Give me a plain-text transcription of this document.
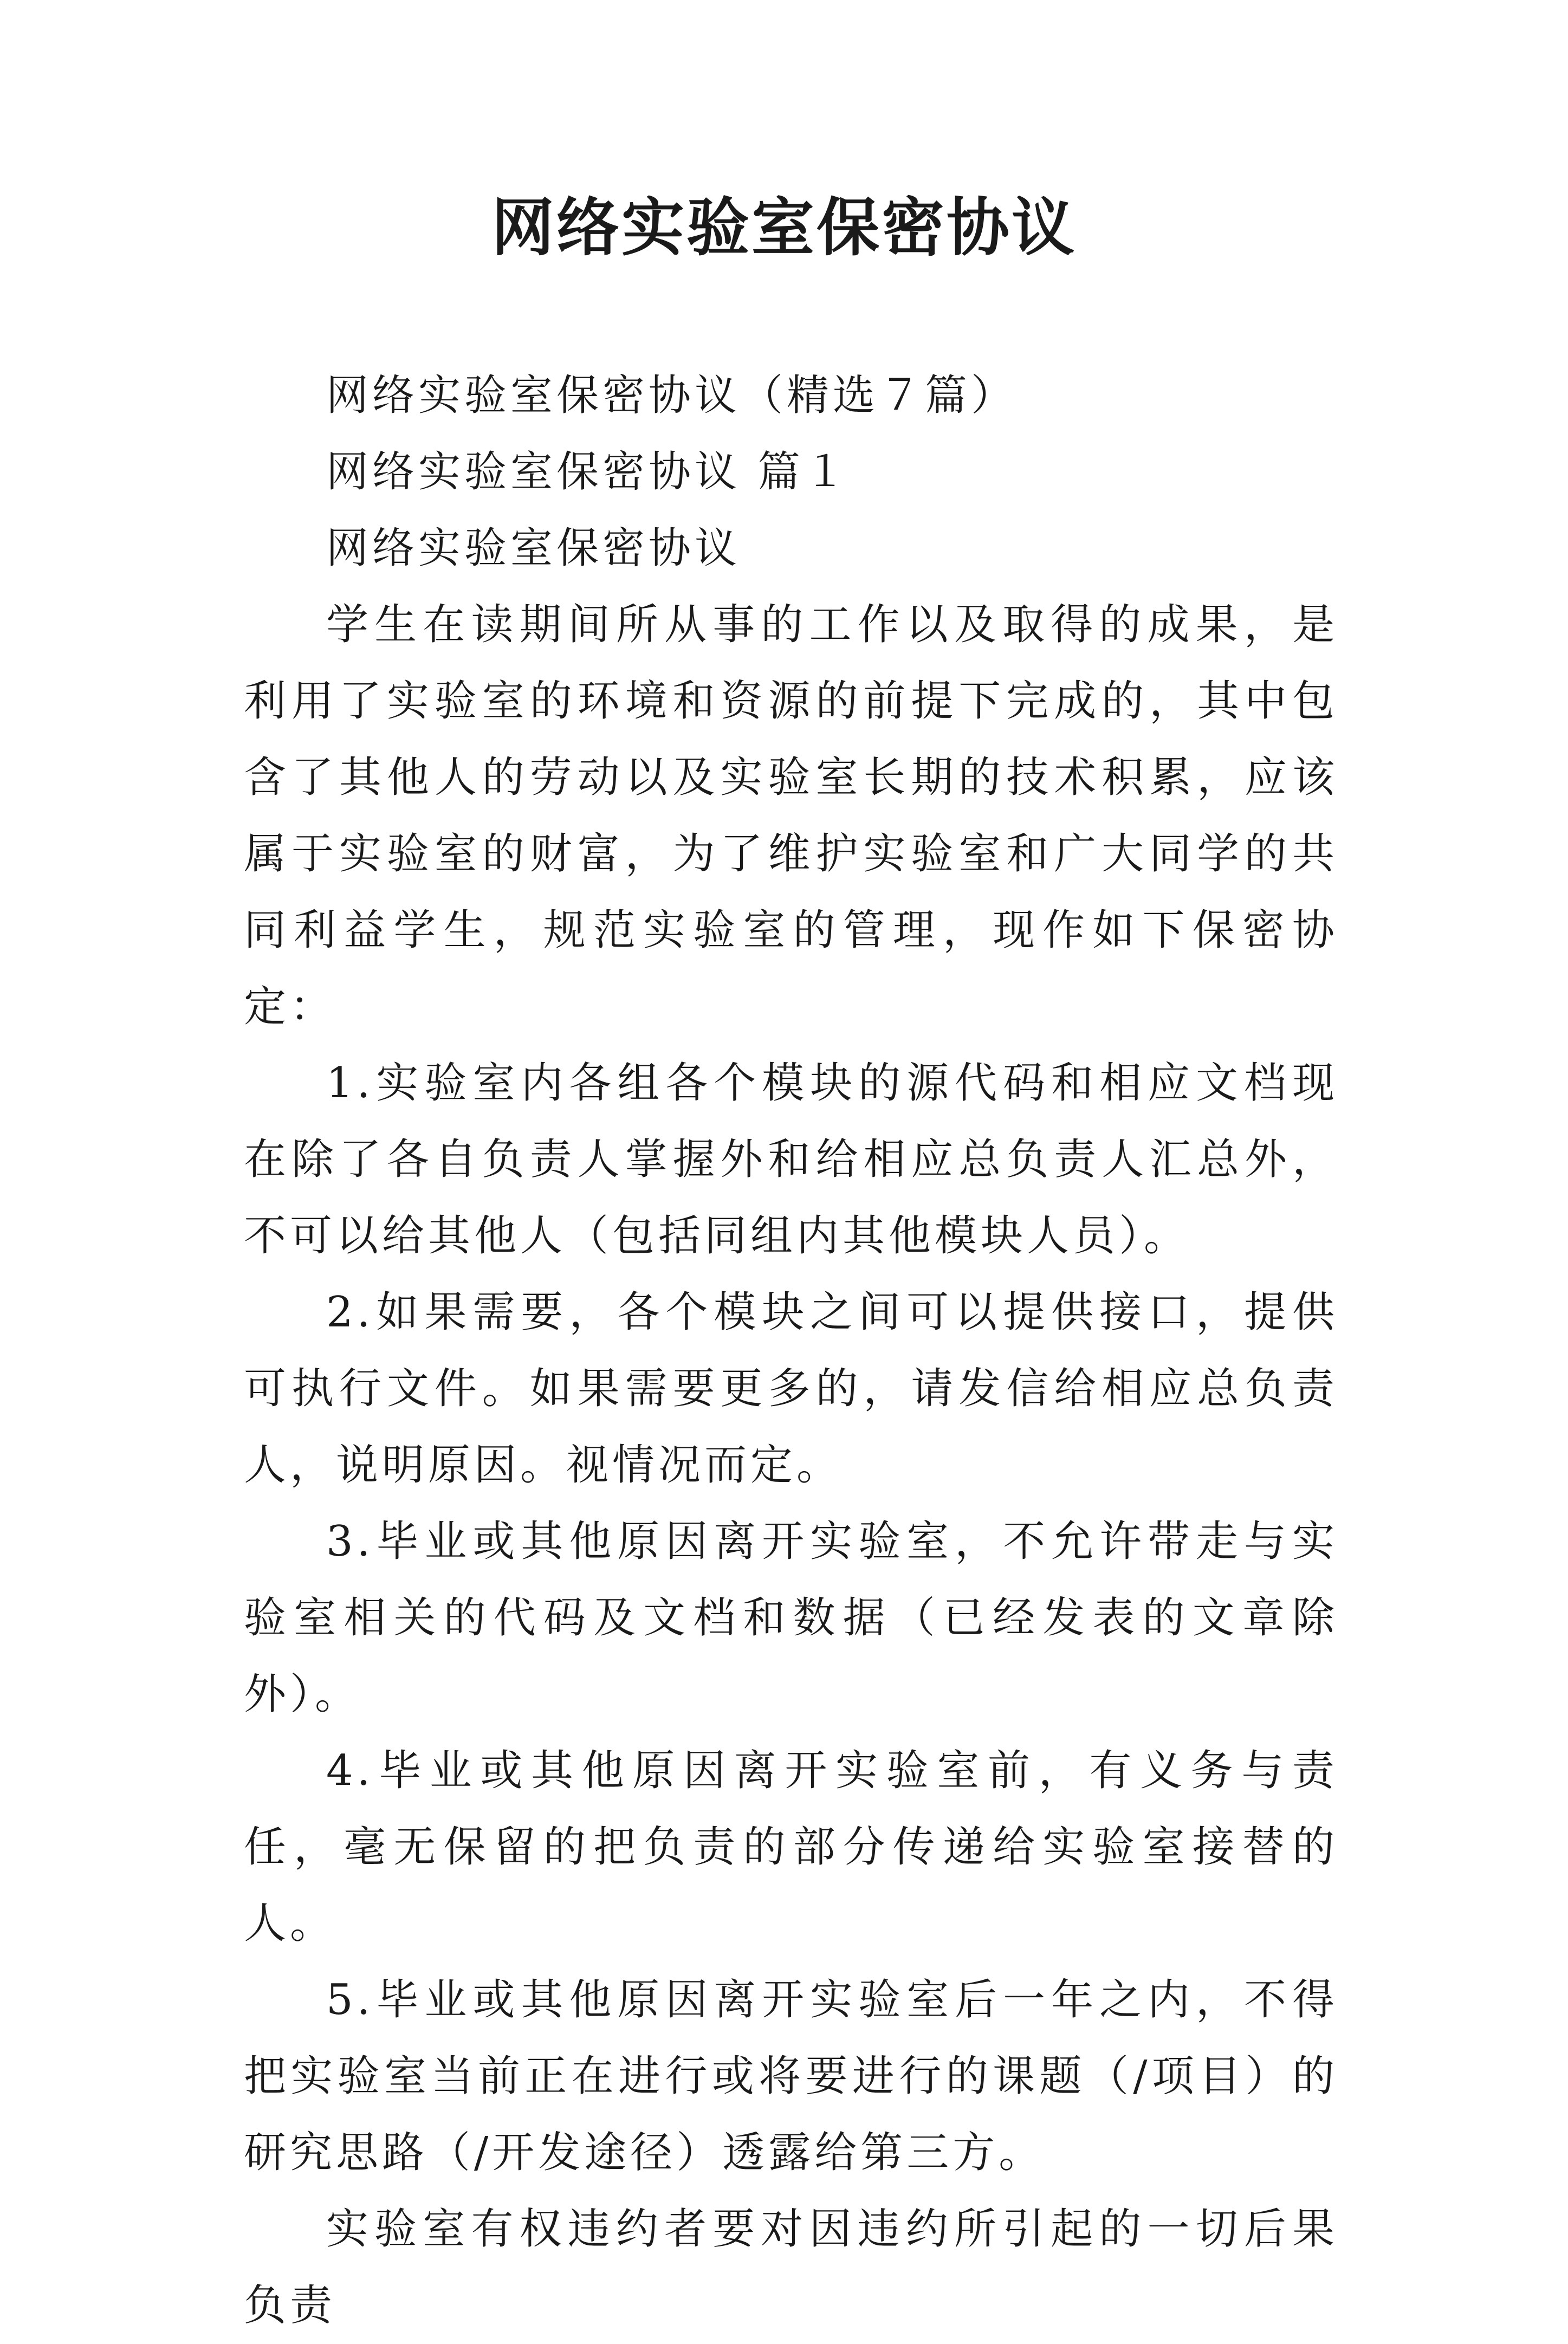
网络实验室保密协议

网络实验室保密协议（精选７篇）

网络实验室保密协议 篇１

网络实验室保密协议

学生在读期间所从事的工作以及取得的成果，是利用了实验室的环境和资源的前提下完成的，其中包含了其他人的劳动以及实验室长期的技术积累，应该属于实验室的财富，为了维护实验室和广大同学的共同利益学生，规范实验室的管理，现作如下保密协定：

1.实验室内各组各个模块的源代码和相应文档现在除了各自负责人掌握外和给相应总负责人汇总外，不可以给其他人（包括同组内其他模块人员）。

2.如果需要，各个模块之间可以提供接口，提供可执行文件。如果需要更多的，请发信给相应总负责人，说明原因。视情况而定。

3.毕业或其他原因离开实验室，不允许带走与实验室相关的代码及文档和数据（已经发表的文章除外）。

4.毕业或其他原因离开实验室前，有义务与责任，毫无保留的把负责的部分传递给实验室接替的人。

5.毕业或其他原因离开实验室后一年之内，不得把实验室当前正在进行或将要进行的课题（/项目）的研究思路（/开发途径）透露给第三方。

实验室有权违约者要对因违约所引起的一切后果负责
